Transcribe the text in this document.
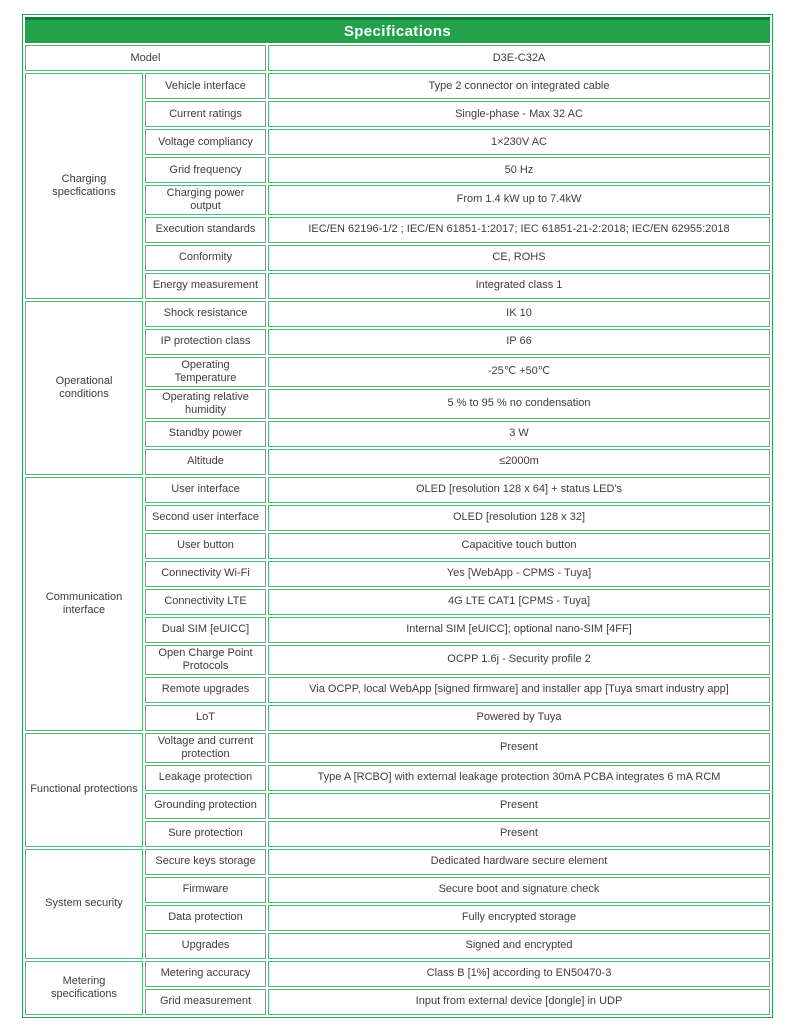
Specifications		
Model		D3E-C32A
Charging specfications	Vehicle interface	Type 2 connector on integrated cable
	Current ratings	Single-phase - Max 32 AC
	Voltage compliancy	1×230V AC
	Grid frequency	50 Hz
	Charging power output	From 1.4 kW up to 7.4kW
	Execution standards	IEC/EN 62196-1/2 ; IEC/EN 61851-1:2017; IEC 61851-21-2:2018; IEC/EN 62955:2018
	Conformity	CE, ROHS
	Energy measurement	Integrated class 1
Operational conditions	Shock resistance	IK 10
	IP protection class	IP 66
	Operating Temperature	-25℃ +50℃
	Operating relative humidity	5 % to 95 % no condensation
	Standby power	3 W
	Altitude	≤2000m
Communication interface	User interface	OLED [resolution 128 x 64] + status LED's
	Second user interface	OLED [resolution 128 x 32]
	User button	Capacitive touch button
	Connectivity Wi-Fi	Yes [WebApp - CPMS - Tuya]
	Connectivity LTE	4G LTE CAT1 [CPMS - Tuya]
	Dual SIM [eUICC]	Internal SIM [eUICC]; optional nano-SIM [4FF]
	Open Charge Point Protocols	OCPP 1.6j - Security profile 2
	Remote upgrades	Via OCPP, local WebApp [signed firmware] and installer app [Tuya smart industry app]
	LoT	Powered by Tuya
Functional protections	Voltage and current protection	Present
	Leakage protection	Type A [RCBO] with external leakage protection 30mA PCBA integrates 6 mA RCM
	Grounding protection	Present
	Sure protection	Present
System security	Secure keys storage	Dedicated hardware secure element
	Firmware	Secure boot and signature check
	Data protection	Fully encrypted storage
	Upgrades	Signed and encrypted
Metering specifications	Metering accuracy	Class B [1%] according to EN50470-3
	Grid measurement	Input from external device [dongle] in UDP
